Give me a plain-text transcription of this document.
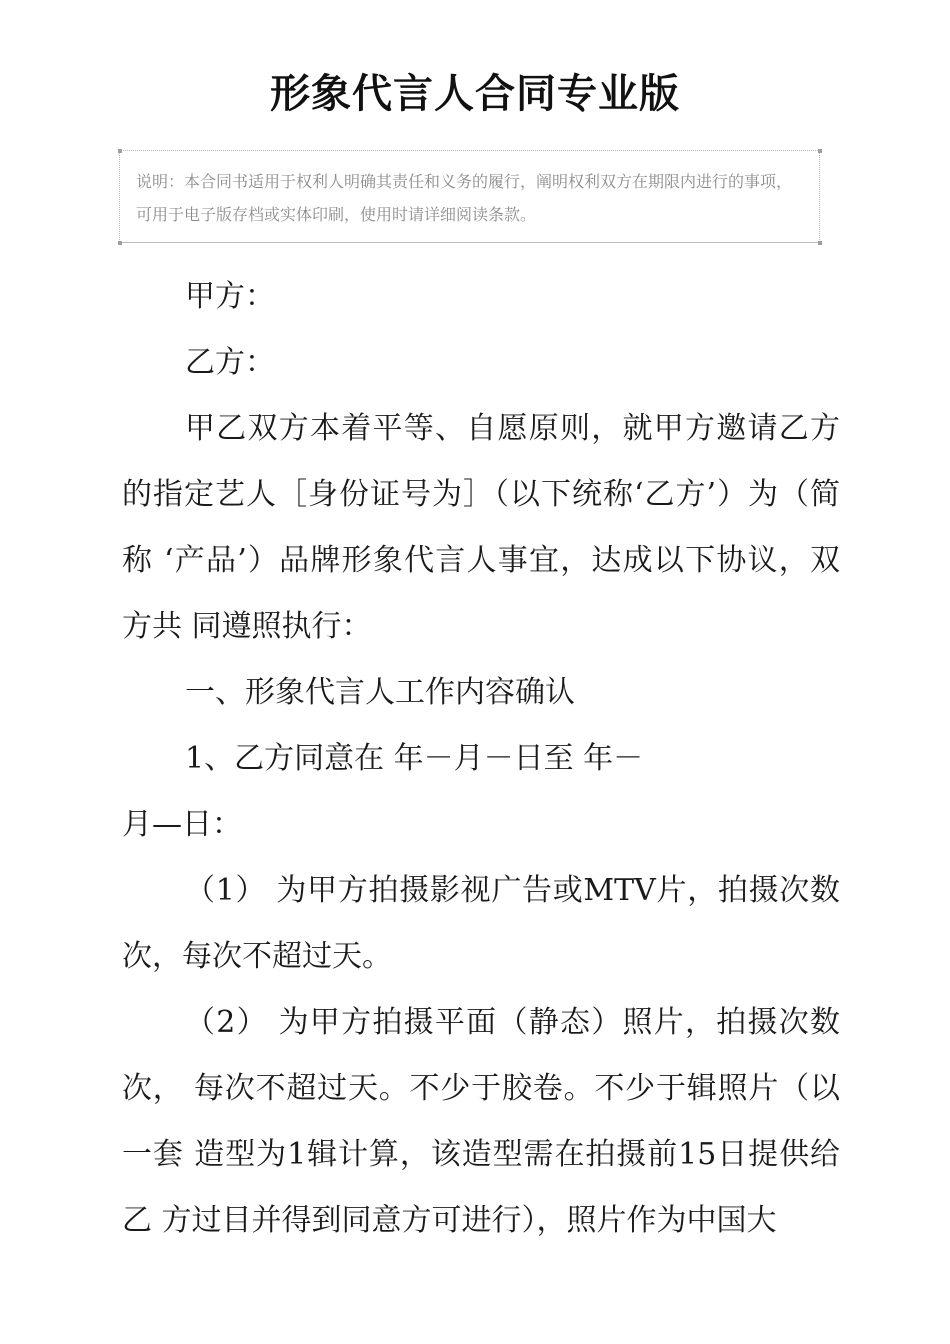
形象代言人合同专业版
说明：本合同书适用于权利人明确其责任和义务的履行，阐明权利双方在期限内进行的事项，可用于电子版存档或实体印刷，使用时请详细阅读条款。

甲方：

乙方：

甲乙双方本着平等、自愿原则，就甲方邀请乙方的指定艺人［身份证号为］（以下统称‘乙方’）为（简称 ‘产品’）品牌形象代言人事宜，达成以下协议，双方共 同遵照执行：

一、形象代言人工作内容确认

1、乙方同意在 年－月－日至 年－

月—日：

（1） 为甲方拍摄影视广告或MTV片，拍摄次数次，每次不超过天。

（2） 为甲方拍摄平面（静态）照片，拍摄次数次， 每次不超过天。不少于胶卷。不少于辑照片（以一套 造型为1辑计算，该造型需在拍摄前15日提供给乙 方过目并得到同意方可进行），照片作为中国大
